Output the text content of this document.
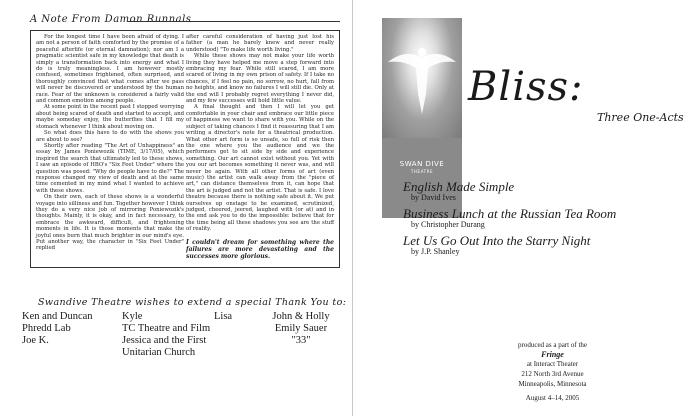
A Note From Damon Runnals

For the longest time I have been afraid of dying. I am not a person of faith comforted by the promise of a peaceful afterlife (or eternal damnation); nor am I a pragmatic scientist safe in my knowledge that death is simply a transformation back into energy and what I do is truly meaningless. I am however mostly confused, sometimes frightened, often surprised, and thoroughly convinced that what comes after we pass will never be discovered or understood by the human race. Fear of the unknown is considered a fairly valid and common emotion among people.

At some point in the recent past I stopped worrying about being scared of death and started to accept, and maybe someday enjoy, the butterflies that I fill my stomach whenever I think about moving on.

So what does this have to do with the shows you are about to see?

Shortly after reading "The Art of Unhappiness" an essay by James Poniewozik (TIME, 3/17/05), which inspired the search that ultimately led to these shows, I saw an episode of HBO's "Six Feet Under" where the question was posed: "Why do people have to die?" The response changed my view of death and at the same time cemented in my mind what I wanted to achieve with these shows.

On their own, each of these shows is a wonderful voyage into silliness and fun. Together however I think they do a very nice job of mirroring Poniewozik's thoughts. Mainly, it is okay, and in fact necessary, to embrace the awkward, difficult, and frightening moments in life. It is those moments that make the joyful ones burn that much brighter in our mind's eye. Put another way, the character in "Six Feet Under" replied

after careful consideration of having just lost his father (a man he barely knew and never really understood) "To make life worth living."

While these shows may not make your life worth living they have helped me move a step forward into embracing my fear. While still scared, I am more scared of living in my own prison of safety. If I take no chances, if I feel no pain, no sorrow, no hurt, fall from no heights, and know no failures I will still die. Only at the end will I probably regret everything I never did, and my few successes will hold little value.

A final thought and then I will let you get comfortable in your chair and embrace our little piece of happiness we want to share with you. While on the subject of taking chances I find it reassuring that I am writing a director's note for a theatrical production. What other art form is so unsafe, so full of risk then the one where you the audience and we the performers get to sit side by side and experience something. Our art cannot exist without you. Yet with you our art becomes something it never was, and will never be again. With all other forms of art (even music) the artist can walk away from the "piece of art," can distance themselves from it, can hope that the art is judged and not the artist. That is safe. I love theatre because there is nothing safe about it. We put ourselves up onstage to be examined, scrutinized, judged, cheered, jeered, laughed with (or at) and in the end ask you to do the impossible: believe that for the time being all these shadows you see are the stuff of reality.

I couldn't dream for something where the failures are more devastating and the successes more glorious.

Swandive Theatre wishes to extend a special Thank You to:
Ken and Duncan
Phredd Lab
Joe K.
Kyle
TC Theatre and Film
Jessica and the First
Unitarian Church
Lisa	John & Holly
Emily Sauer
"33"
SWAN DIVE
THEATRE
Bliss:
Three One-Acts
English Made Simple
by David Ives
Business Lunch at the Russian Tea Room
by Christopher Durang
Let Us Go Out Into the Starry Night
by J.P. Shanley
produced as a part of the
Fringe
at Interact Theater
212 North 3rd Avenue
Minneapolis, Minnesota
August 4–14, 2005
